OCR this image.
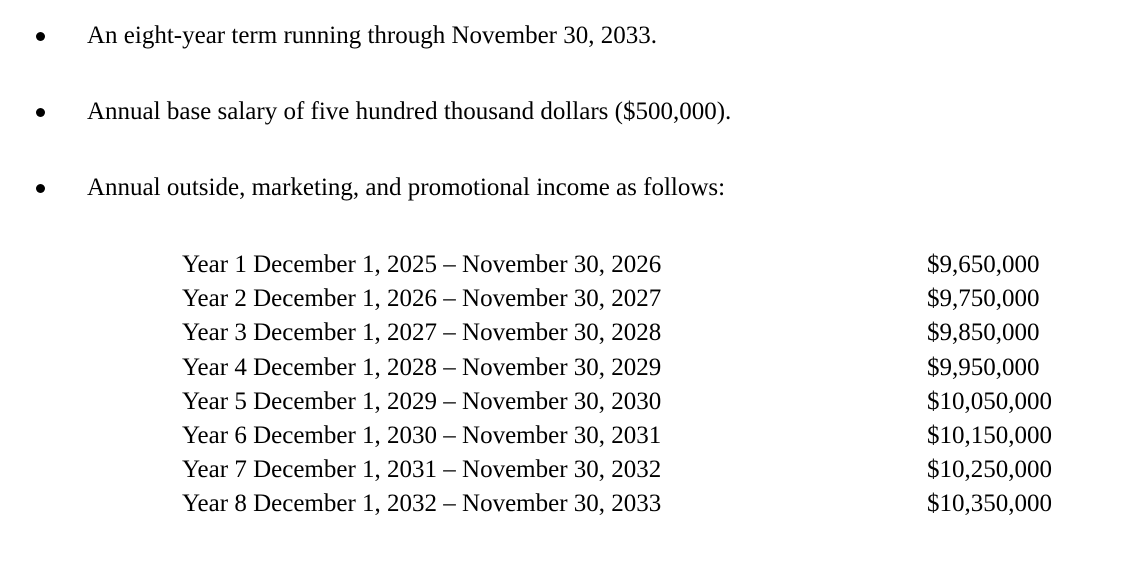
An eight-year term running through November 30, 2033.
Annual base salary of five hundred thousand dollars ($500,000).
Annual outside, marketing, and promotional income as follows:
Year 1 December 1, 2025 – November 30, 2026	$9,650,000
Year 2 December 1, 2026 – November 30, 2027	$9,750,000
Year 3 December 1, 2027 – November 30, 2028	$9,850,000
Year 4 December 1, 2028 – November 30, 2029	$9,950,000
Year 5 December 1, 2029 – November 30, 2030	$10,050,000
Year 6 December 1, 2030 – November 30, 2031	$10,150,000
Year 7 December 1, 2031 – November 30, 2032	$10,250,000
Year 8 December 1, 2032 – November 30, 2033	$10,350,000
